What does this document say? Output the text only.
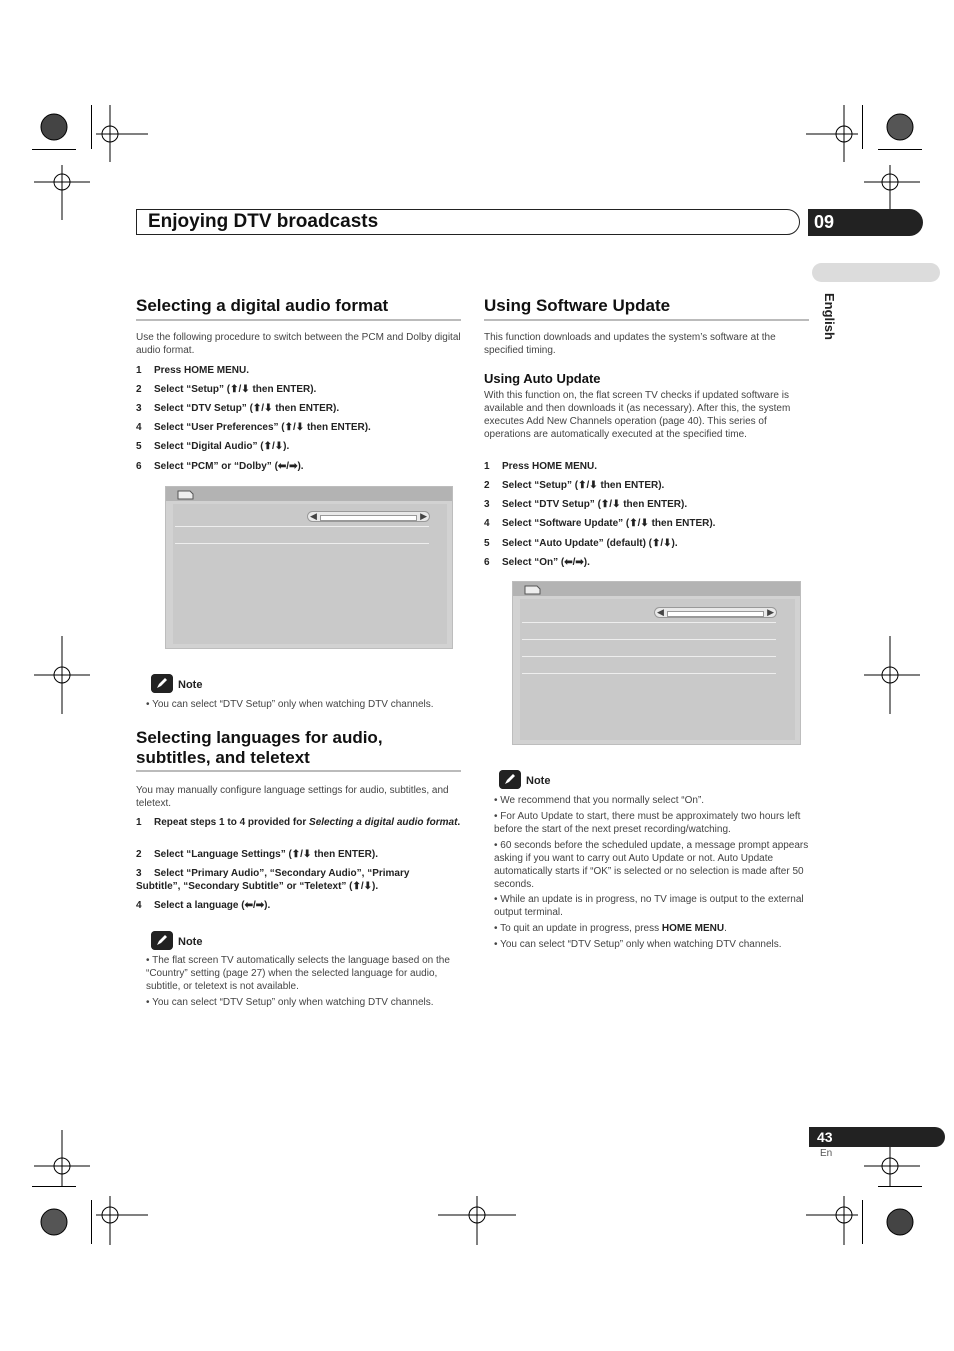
Enjoying DTV broadcasts	09
English
Selecting a digital audio format
Use the following procedure to switch between the PCM and Dolby digital audio format.
1 Press HOME MENU.
2 Select “Setup” (⬆/⬇ then ENTER).
3 Select “DTV Setup” (⬆/⬇ then ENTER).
4 Select “User Preferences” (⬆/⬇ then ENTER).
5 Select “Digital Audio” (⬆/⬇).
6 Select “PCM” or “Dolby” (⬅/➡).
◀	▶
Note
• You can select “DTV Setup” only when watching DTV channels.
Selecting languages for audio,
subtitles, and teletext
You may manually configure language settings for audio, subtitles, and teletext.
1 Repeat steps 1 to 4 provided for Selecting a digital audio format.
2 Select “Language Settings” (⬆/⬇ then ENTER).
3 Select “Primary Audio”, “Secondary Audio”, “Primary Subtitle”, “Secondary Subtitle” or “Teletext” (⬆/⬇).
4 Select a language (⬅/➡).
Note
• The flat screen TV automatically selects the language based on the “Country” setting (page 27) when the selected language for audio, subtitle, or teletext is not available.
• You can select “DTV Setup” only when watching DTV channels.
Using Software Update
This function downloads and updates the system’s software at the specified timing.
Using Auto Update
With this function on, the flat screen TV checks if updated software is available and then downloads it (as necessary). After this, the system executes Add New Channels operation (page 40). This series of operations are automatically executed at the specified time.
1 Press HOME MENU.
2 Select “Setup” (⬆/⬇ then ENTER).
3 Select “DTV Setup” (⬆/⬇ then ENTER).
4 Select “Software Update” (⬆/⬇ then ENTER).
5 Select “Auto Update” (default) (⬆/⬇).
6 Select “On” (⬅/➡).
◀	▶
Note
• We recommend that you normally select “On”.
• For Auto Update to start, there must be approximately two hours left before the start of the next preset recording/watching.
• 60 seconds before the scheduled update, a message prompt appears asking if you want to carry out Auto Update or not. Auto Update automatically starts if “OK” is selected or no selection is made after 50 seconds.
• While an update is in progress, no TV image is output to the external output terminal.
• To quit an update in progress, press HOME MENU.
• You can select “DTV Setup” only when watching DTV channels.
43
En
